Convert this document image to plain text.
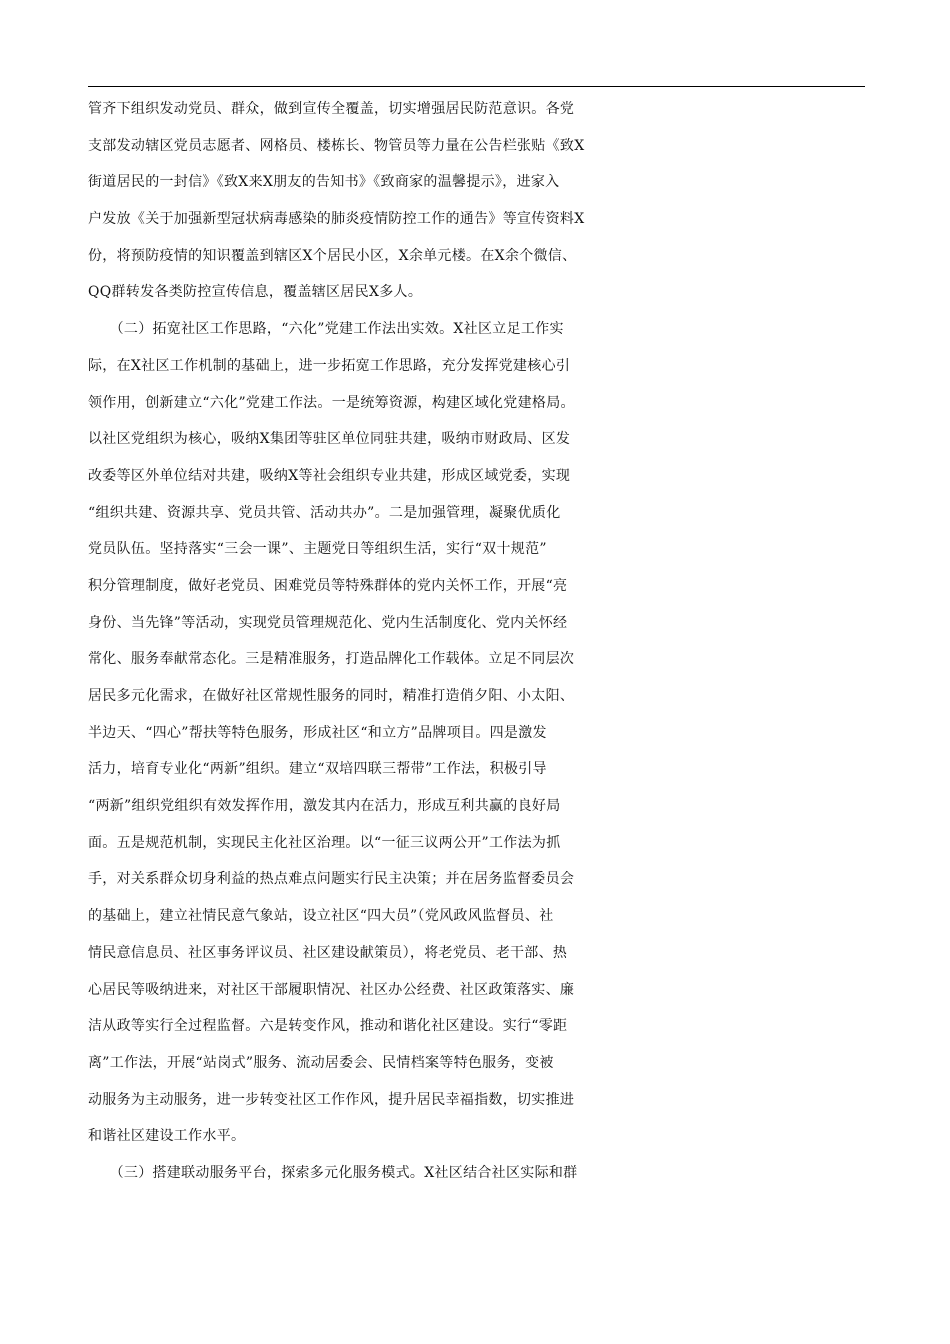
管齐下组织发动党员、群众，做到宣传全覆盖，切实增强居民防范意识。各党
支部发动辖区党员志愿者、网格员、楼栋长、物管员等力量在公告栏张贴《致X
街道居民的一封信》《致X来X朋友的告知书》《致商家的温馨提示》，进家入
户发放《关于加强新型冠状病毒感染的肺炎疫情防控工作的通告》等宣传资料X
份，将预防疫情的知识覆盖到辖区X个居民小区，X余单元楼。在X余个微信、
QQ群转发各类防控宣传信息，覆盖辖区居民X多人。
　　（二）拓宽社区工作思路，“六化”党建工作法出实效。X社区立足工作实
际，在X社区工作机制的基础上，进一步拓宽工作思路，充分发挥党建核心引
领作用，创新建立“六化”党建工作法。一是统筹资源，构建区域化党建格局。
以社区党组织为核心，吸纳X集团等驻区单位同驻共建，吸纳市财政局、区发
改委等区外单位结对共建，吸纳X等社会组织专业共建，形成区域党委，实现
“组织共建、资源共享、党员共管、活动共办”。二是加强管理，凝聚优质化
党员队伍。坚持落实“三会一课”、主题党日等组织生活，实行“双十规范”
积分管理制度，做好老党员、困难党员等特殊群体的党内关怀工作，开展“亮
身份、当先锋”等活动，实现党员管理规范化、党内生活制度化、党内关怀经
常化、服务奉献常态化。三是精准服务，打造品牌化工作载体。立足不同层次
居民多元化需求，在做好社区常规性服务的同时，精准打造俏夕阳、小太阳、
半边天、“四心”帮扶等特色服务，形成社区“和立方”品牌项目。四是激发
活力，培育专业化“两新”组织。建立“双培四联三帮带”工作法，积极引导
“两新”组织党组织有效发挥作用，激发其内在活力，形成互利共赢的良好局
面。五是规范机制，实现民主化社区治理。以“一征三议两公开”工作法为抓
手，对关系群众切身利益的热点难点问题实行民主决策；并在居务监督委员会
的基础上，建立社情民意气象站，设立社区“四大员”（党风政风监督员、社
情民意信息员、社区事务评议员、社区建设献策员），将老党员、老干部、热
心居民等吸纳进来，对社区干部履职情况、社区办公经费、社区政策落实、廉
洁从政等实行全过程监督。六是转变作风，推动和谐化社区建设。实行“零距
离”工作法，开展“站岗式”服务、流动居委会、民情档案等特色服务，变被
动服务为主动服务，进一步转变社区工作作风，提升居民幸福指数，切实推进
和谐社区建设工作水平。
　　（三）搭建联动服务平台，探索多元化服务模式。X社区结合社区实际和群
